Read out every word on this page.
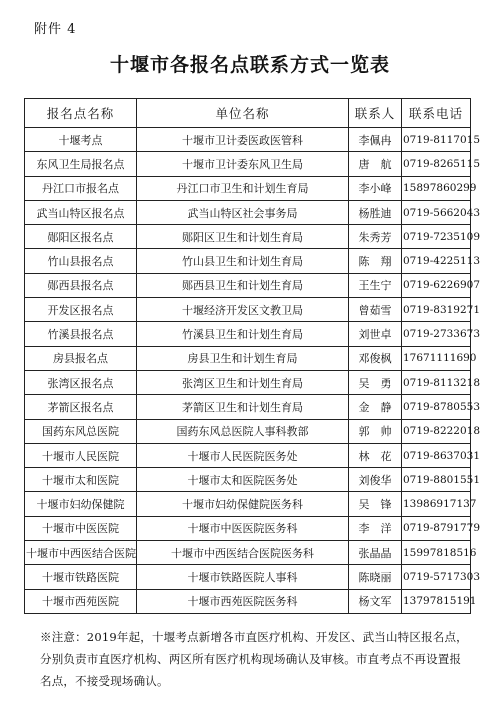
附件 4
十堰市各报名点联系方式一览表
报名点名称	单位名称	联系人	联系电话
十堰考点	十堰市卫计委医政医管科	李佩冉	0719-8117015
东风卫生局报名点	十堰市卫计委东风卫生局	唐　航	0719-8265115
丹江口市报名点	丹江口市卫生和计划生育局	李小峰	15897860299
武当山特区报名点	武当山特区社会事务局	杨胜迪	0719-5662043
郧阳区报名点	郧阳区卫生和计划生育局	朱秀芳	0719-7235109
竹山县报名点	竹山县卫生和计划生育局	陈　翔	0719-4225113
郧西县报名点	郧西县卫生和计划生育局	王生宁	0719-6226907
开发区报名点	十堰经济开发区文教卫局	曾茹雪	0719-8319271
竹溪县报名点	竹溪县卫生和计划生育局	刘世卓	0719-2733673
房县报名点	房县卫生和计划生育局	邓俊枫	17671111690
张湾区报名点	张湾区卫生和计划生育局	吴　勇	0719-8113218
茅箭区报名点	茅箭区卫生和计划生育局	金　静	0719-8780553
国药东风总医院	国药东风总医院人事科教部	郭　帅	0719-8222018
十堰市人民医院	十堰市人民医院医务处	林　花	0719-8637031
十堰市太和医院	十堰市太和医院医务处	刘俊华	0719-8801551
十堰市妇幼保健院	十堰市妇幼保健院医务科	吴　锋	13986917137
十堰市中医医院	十堰市中医医院医务科	李　洋	0719-8791779
十堰市中西医结合医院	十堰市中西医结合医院医务科	张晶晶	15997818516
十堰市铁路医院	十堰市铁路医院人事科	陈晓丽	0719-5717303
十堰市西苑医院	十堰市西苑医院医务科	杨文军	13797815191
※注意：2019年起，十堰考点新增各市直医疗机构、开发区、武当山特区报名点，分别负责市直医疗机构、两区所有医疗机构现场确认及审核。市直考点不再设置报名点，不接受现场确认。
